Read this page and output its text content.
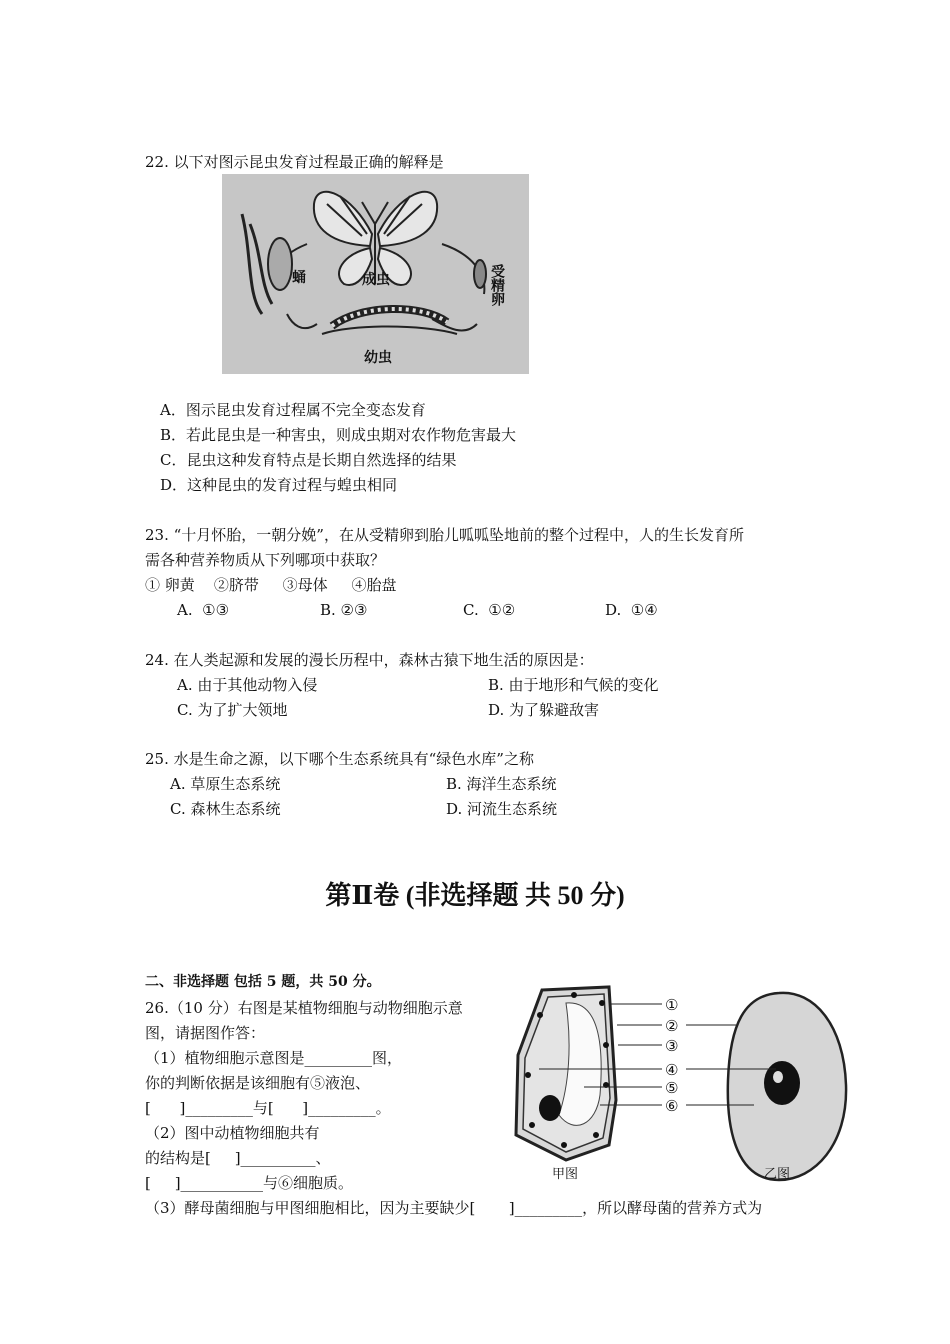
22. 以下对图示昆虫发育过程最正确的解释是
成虫
蛹	受精卵
幼虫
A．图示昆虫发育过程属不完全变态发育
B．若此昆虫是一种害虫，则成虫期对农作物危害最大
C．昆虫这种发育特点是长期自然选择的结果
D．这种昆虫的发育过程与蝗虫相同
23. “十月怀胎，一朝分娩”，在从受精卵到胎儿呱呱坠地前的整个过程中，人的生长发育所
需各种营养物质从下列哪项中获取？
① 卵黄    ②脐带     ③母体     ④胎盘
A.  ①③	B. ②③	C.  ①②	D.  ①④
24. 在人类起源和发展的漫长历程中，森林古猿下地生活的原因是：
A. 由于其他动物入侵	B. 由于地形和气候的变化
C. 为了扩大领地	D. 为了躲避敌害
25. 水是生命之源，以下哪个生态系统具有“绿色水库”之称
A. 草原生态系统	B. 海洋生态系统
C. 森林生态系统	D. 河流生态系统
第Ⅱ卷 (非选择题 共 50 分)
二、非选择题 包括 5 题，共 50 分。
26.（10 分）右图是某植物细胞与动物细胞示意
图，请据图作答：
（1）植物细胞示意图是_________图，
你的判断依据是该细胞有⑤液泡、
[      ]_________与[      ]_________。
（2）图中动植物细胞共有
的结构是[     ]__________、
[     ]___________与⑥细胞质。
（3）酵母菌细胞与甲图细胞相比，因为主要缺少[       ]_________，所以酵母菌的营养方式为
①
②
③
④
⑤
⑥
甲图	乙图
